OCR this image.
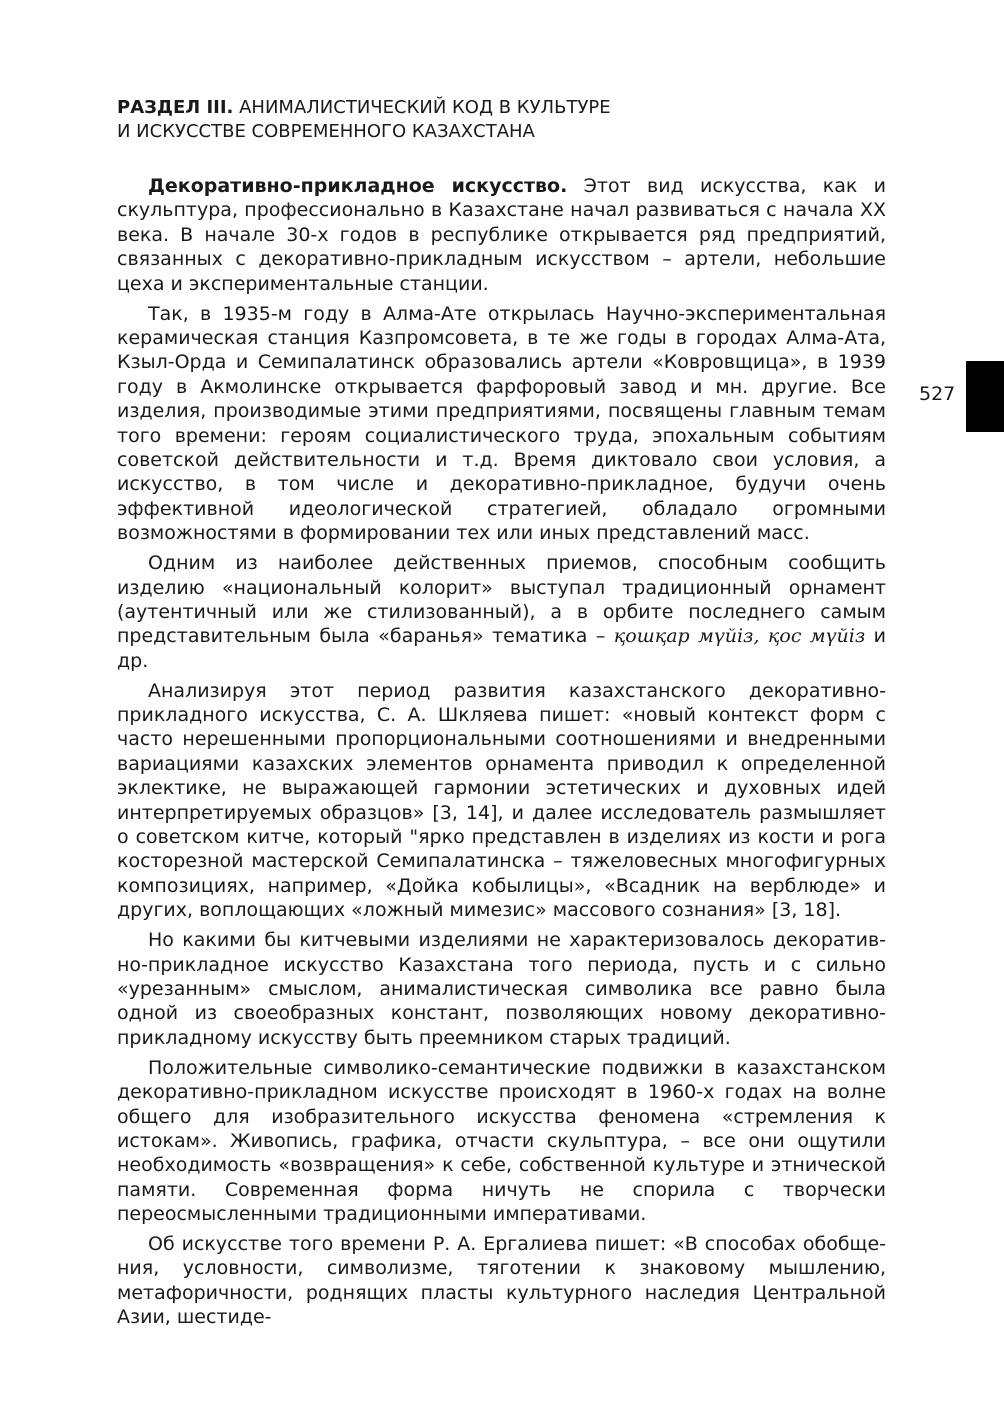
РАЗДЕЛ III. АНИМАЛИСТИЧЕСКИЙ КОД В КУЛЬТУРЕ
И ИСКУССТВЕ СОВРЕМЕННОГО КАЗАХСТАНА

Декоративно-прикладное искусство. Этот вид искусства, как и скульптура, профессионально в Казахстане начал развиваться с начала XX века. В начале 30-х годов в республике открывается ряд предприятий, связанных с декоративно-прикладным искусством – артели, небольшие цеха и экспериментальные станции.

Так, в 1935-м году в Алма-Ате открылась Научно-экспериментальная керамическая станция Казпромсовета, в те же годы в городах Алма-Ата, Кзыл-Орда и Семипалатинск образовались артели «Ковровщица», в 1939 году в Акмолинске открывается фарфоровый завод и мн. другие. Все изделия, производимые этими предприятиями, посвящены главным темам того времени: героям социалистического труда, эпохальным событиям советской действительности и т.д. Время диктовало свои условия, а искусство, в том числе и декоративно-прикладное, будучи очень эффективной идеологической стратегией, обладало огромными возможностями в формировании тех или иных представлений масс.

Одним из наиболее действенных приемов, способным сообщить изделию «национальный колорит» выступал традиционный орнамент (аутентичный или же стилизованный), а в орбите последнего самым представительным была «баранья» тематика – қошқар мүйіз, қос мүйіз и др.

Анализируя этот период развития казахстанского декоративно-прикладного искусства, С. А. Шкляева пишет: «новый контекст форм с часто нерешенными пропорциональными соотношениями и внедренными вариациями казахских элементов орнамента приводил к определенной эклектике, не выражающей гармонии эстетических и духовных идей интерпретируемых образцов» [3, 14], и далее исследователь размышляет о советском китче, который "ярко представлен в изделиях из кости и рога косторезной мастерской Семипалатинска – тяжеловесных многофигурных композициях, например, «Дойка кобылицы», «Всадник на верблюде» и других, воплощающих «ложный мимезис» массового сознания» [3, 18].

Но какими бы китчевыми изделиями не характеризовалось декоративно-прикладное искусство Казахстана того периода, пусть и с сильно «урезанным» смыслом, анималистическая символика все равно была одной из своеобразных констант, позволяющих новому декоративно-прикладному искусству быть преемником старых традиций.

Положительные символико-семантические подвижки в казахстанском декоративно-прикладном искусстве происходят в 1960-х годах на волне общего для изобразительного искусства феномена «стремления к истокам». Живопись, графика, отчасти скульптура, – все они ощутили необходимость «возвращения» к себе, собственной культуре и этнической памяти. Современная форма ничуть не спорила с творчески переосмысленными традиционными императивами.

Об искусстве того времени Р. А. Ергалиева пишет: «В способах обобщения, условности, символизме, тяготении к знаковому мышлению, метафоричности, роднящих пласты культурного наследия Центральной Азии, шестиде-

527
